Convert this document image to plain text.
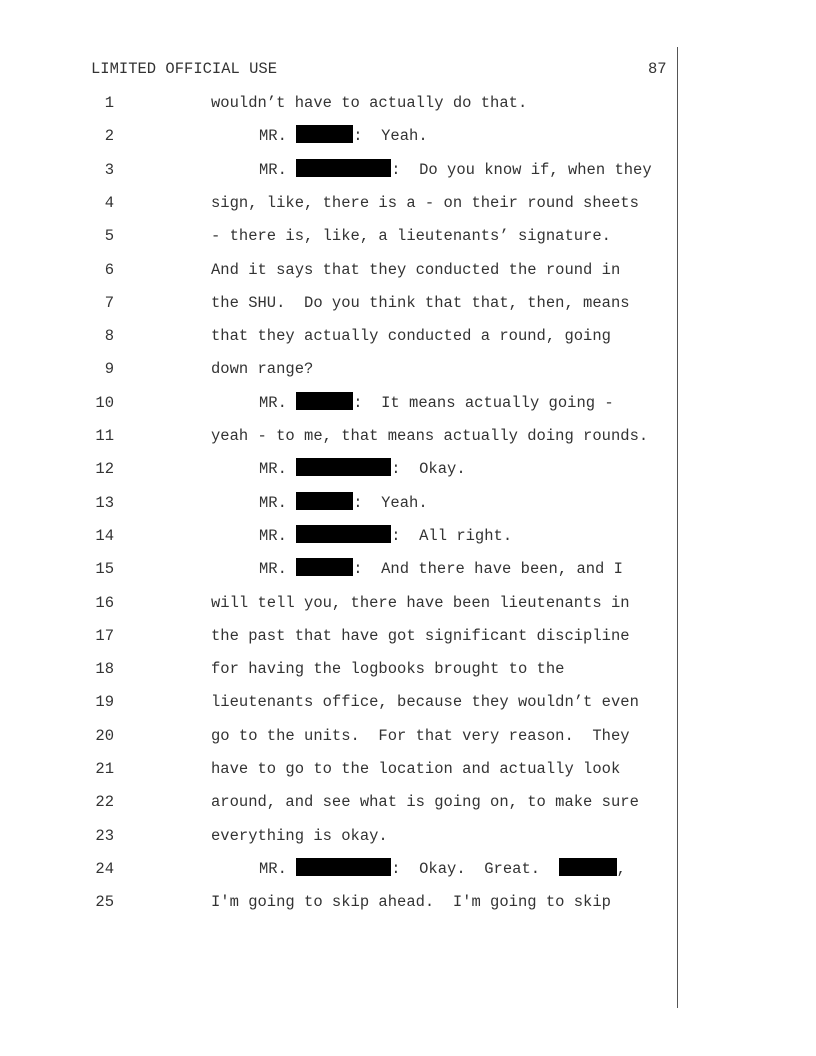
LIMITED OFFICIAL USE	87
1	wouldn’t have to actually do that.
2	MR.	:  Yeah.
3	MR.	:  Do you know if, when they
4	sign, like, there is a - on their round sheets
5	- there is, like, a lieutenants’ signature.
6	And it says that they conducted the round in
7	the SHU.  Do you think that that, then, means
8	that they actually conducted a round, going
9	down range?
10	MR.	:  It means actually going -
11	yeah - to me, that means actually doing rounds.
12	MR.	:  Okay.
13	MR.	:  Yeah.
14	MR.	:  All right.
15	MR.	:  And there have been, and I
16	will tell you, there have been lieutenants in
17	the past that have got significant discipline
18	for having the logbooks brought to the
19	lieutenants office, because they wouldn’t even
20	go to the units.  For that very reason.  They
21	have to go to the location and actually look
22	around, and see what is going on, to make sure
23	everything is okay.
24	MR.	:  Okay.  Great.	,
25	I'm going to skip ahead.  I'm going to skip
